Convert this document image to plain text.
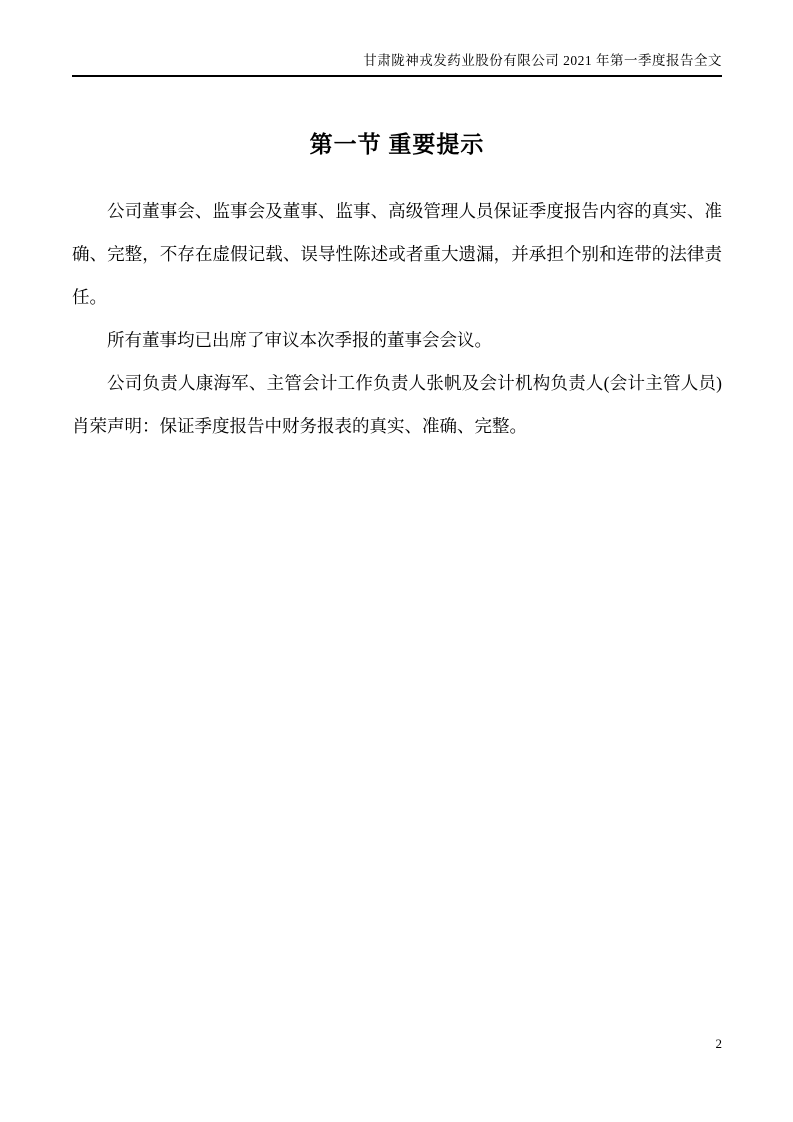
甘肃陇神戎发药业股份有限公司 2021 年第一季度报告全文
第一节 重要提示

公司董事会、监事会及董事、监事、高级管理人员保证季度报告内容的真实、准确、完整，不存在虚假记载、误导性陈述或者重大遗漏，并承担个别和连带的法律责任。

所有董事均已出席了审议本次季报的董事会会议。

公司负责人康海军、主管会计工作负责人张帆及会计机构负责人(会计主管人员)肖荣声明：保证季度报告中财务报表的真实、准确、完整。

2
